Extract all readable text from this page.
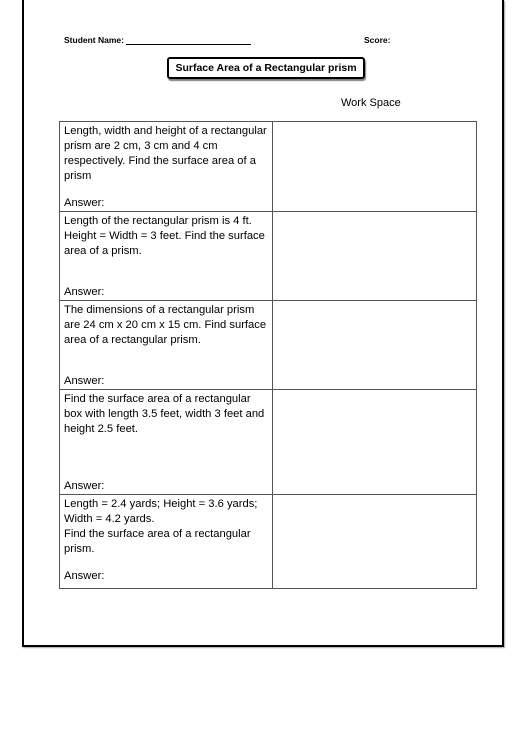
Student Name:	Score:
Surface Area of a Rectangular prism
Work Space
Length, width and height of a rectangular prism are 2 cm, 3 cm and 4 cm respectively. Find the surface area of a prism
Answer:	

Length of the rectangular prism is 4 ft. Height = Width = 3 feet. Find the surface area of a prism.
Answer:	

The dimensions of a rectangular prism are 24 cm x 20 cm x 15 cm. Find surface area of a rectangular prism.
Answer:	

Find the surface area of a rectangular box with length 3.5 feet, width 3 feet and height 2.5 feet.
Answer:	

Length = 2.4 yards; Height = 3.6 yards; Width = 4.2 yards.
Find the surface area of a rectangular prism.
Answer:	
